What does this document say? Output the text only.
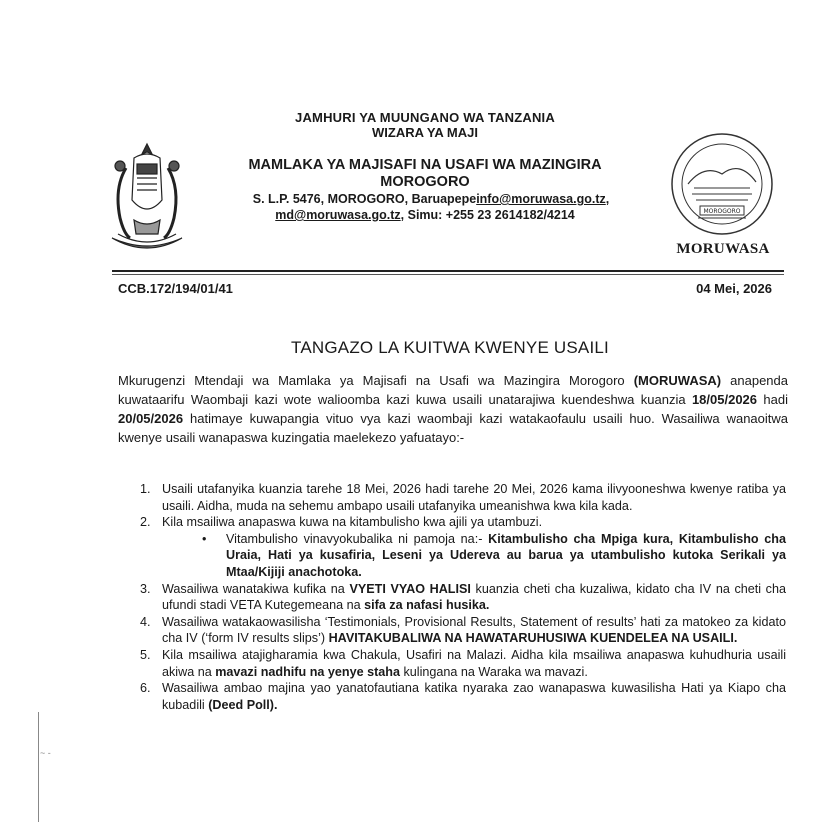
JAMHURI YA MUUNGANO WA TANZANIA
WIZARA YA MAJI
MAMLAKA YA MAJISAFI NA USAFI WA MAZINGIRA
MOROGORO
S. L.P. 5476, MOROGORO, Baruapepeinfo@moruwasa.go.tz,
md@moruwasa.go.tz, Simu: +255 23 2614182/4214	MOROGORO
MORUWASA
CCB.172/194/01/41	04 Mei, 2026
TANGAZO LA KUITWA KWENYE USAILI
Mkurugenzi Mtendaji wa Mamlaka ya Majisafi na Usafi wa Mazingira Morogoro (MORUWASA) anapenda kuwataarifu Waombaji kazi wote walioomba kazi kuwa usaili unatarajiwa kuendeshwa kuanzia 18/05/2026 hadi 20/05/2026 hatimaye kuwapangia vituo vya kazi waombaji kazi watakaofaulu usaili huo. Wasailiwa wanaoitwa kwenye usaili wanapaswa kuzingatia maelekezo yafuatayo:-
1. Usaili utafanyika kuanzia tarehe 18 Mei, 2026 hadi tarehe 20 Mei, 2026 kama ilivyooneshwa kwenye ratiba ya usaili. Aidha, muda na sehemu ambapo usaili utafanyika umeanishwa kwa kila kada.
2. Kila msailiwa anapaswa kuwa na kitambulisho kwa ajili ya utambuzi.
• Vitambulisho vinavyokubalika ni pamoja na:- Kitambulisho cha Mpiga kura, Kitambulisho cha Uraia, Hati ya kusafiria, Leseni ya Udereva au barua ya utambulisho kutoka Serikali ya Mtaa/Kijiji anachotoka.
3. Wasailiwa wanatakiwa kufika na VYETI VYAO HALISI kuanzia cheti cha kuzaliwa, kidato cha IV na cheti cha ufundi stadi VETA Kutegemeana na sifa za nafasi husika.
4. Wasailiwa watakaowasilisha ‘Testimonials, Provisional Results, Statement of results’ hati za matokeo za kidato cha IV (‘form IV results slips’) HAVITAKUBALIWA NA HAWATARUHUSIWA KUENDELEA NA USAILI.
5. Kila msailiwa atajigharamia kwa Chakula, Usafiri na Malazi. Aidha kila msailiwa anapaswa kuhudhuria usaili akiwa na mavazi nadhifu na yenye staha kulingana na Waraka wa mavazi.
6. Wasailiwa ambao majina yao yanatofautiana katika nyaraka zao wanapaswa kuwasilisha Hati ya Kiapo cha kubadili (Deed Poll).
~ -
